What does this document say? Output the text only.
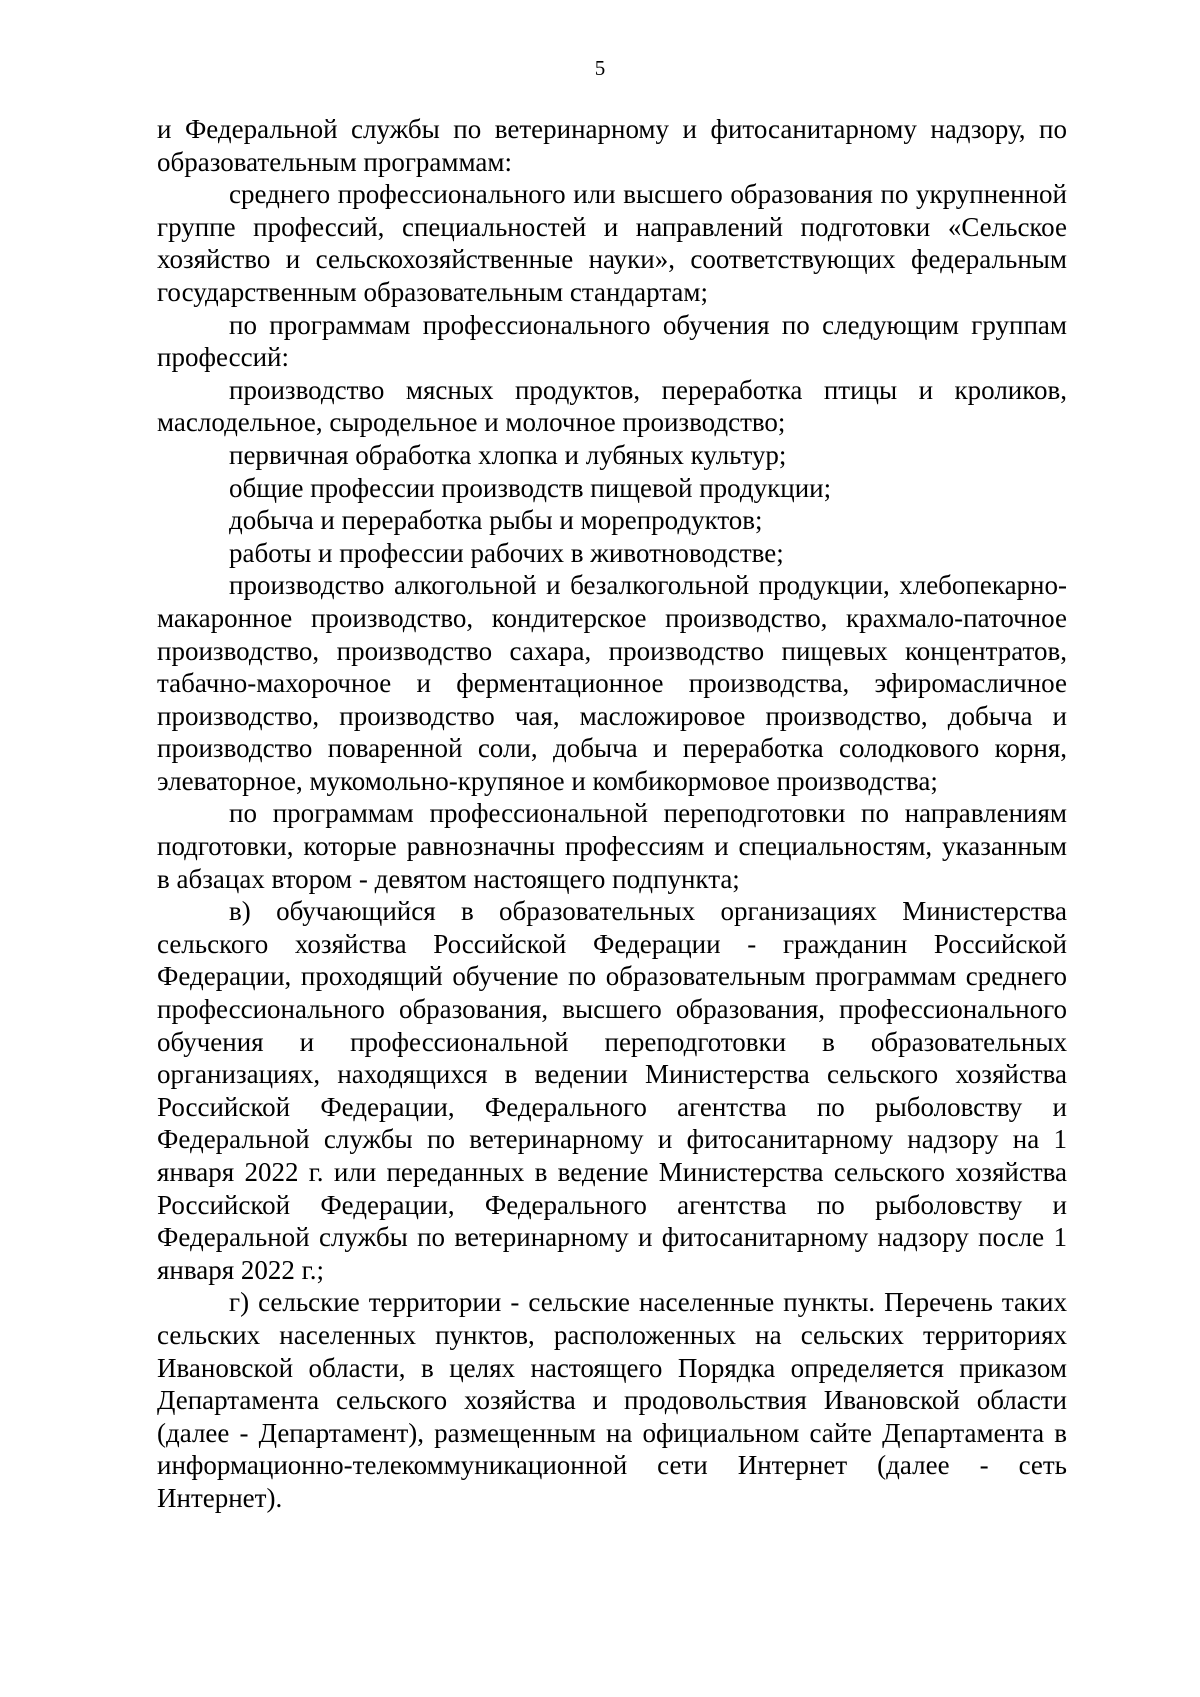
5

и Федеральной службы по ветеринарному и фитосанитарному надзору, по образовательным программам:

среднего профессионального или высшего образования по укрупненной группе профессий, специальностей и направлений подготовки «Сельское хозяйство и сельскохозяйственные науки», соответствующих федеральным государственным образовательным стандартам;

по программам профессионального обучения по следующим группам профессий:

производство мясных продуктов, переработка птицы и кроликов, маслодельное, сыродельное и молочное производство;

первичная обработка хлопка и лубяных культур;

общие профессии производств пищевой продукции;

добыча и переработка рыбы и морепродуктов;

работы и профессии рабочих в животноводстве;

производство алкогольной и безалкогольной продукции, хлебопекарно-макаронное производство, кондитерское производство, крахмало-паточное производство, производство сахара, производство пищевых концентратов, табачно-махорочное и ферментационное производства, эфиромасличное производство, производство чая, масложировое производство, добыча и производство поваренной соли, добыча и переработка солодкового корня, элеваторное, мукомольно-крупяное и комбикормовое производства;

по программам профессиональной переподготовки по направлениям подготовки, которые равнозначны профессиям и специальностям, указанным в абзацах втором - девятом настоящего подпункта;

в) обучающийся в образовательных организациях Министерства сельского хозяйства Российской Федерации - гражданин Российской Федерации, проходящий обучение по образовательным программам среднего профессионального образования, высшего образования, профессионального обучения и профессиональной переподготовки в образовательных организациях, находящихся в ведении Министерства сельского хозяйства Российской Федерации, Федерального агентства по рыболовству и Федеральной службы по ветеринарному и фитосанитарному надзору на 1 января 2022 г. или переданных в ведение Министерства сельского хозяйства Российской Федерации, Федерального агентства по рыболовству и Федеральной службы по ветеринарному и фитосанитарному надзору после 1 января 2022 г.;

г) сельские территории - сельские населенные пункты. Перечень таких сельских населенных пунктов, расположенных на сельских территориях Ивановской области, в целях настоящего Порядка определяется приказом Департамента сельского хозяйства и продовольствия Ивановской области (далее - Департамент), размещенным на официальном сайте Департамента в информационно-телекоммуникационной сети Интернет (далее - сеть Интернет).
